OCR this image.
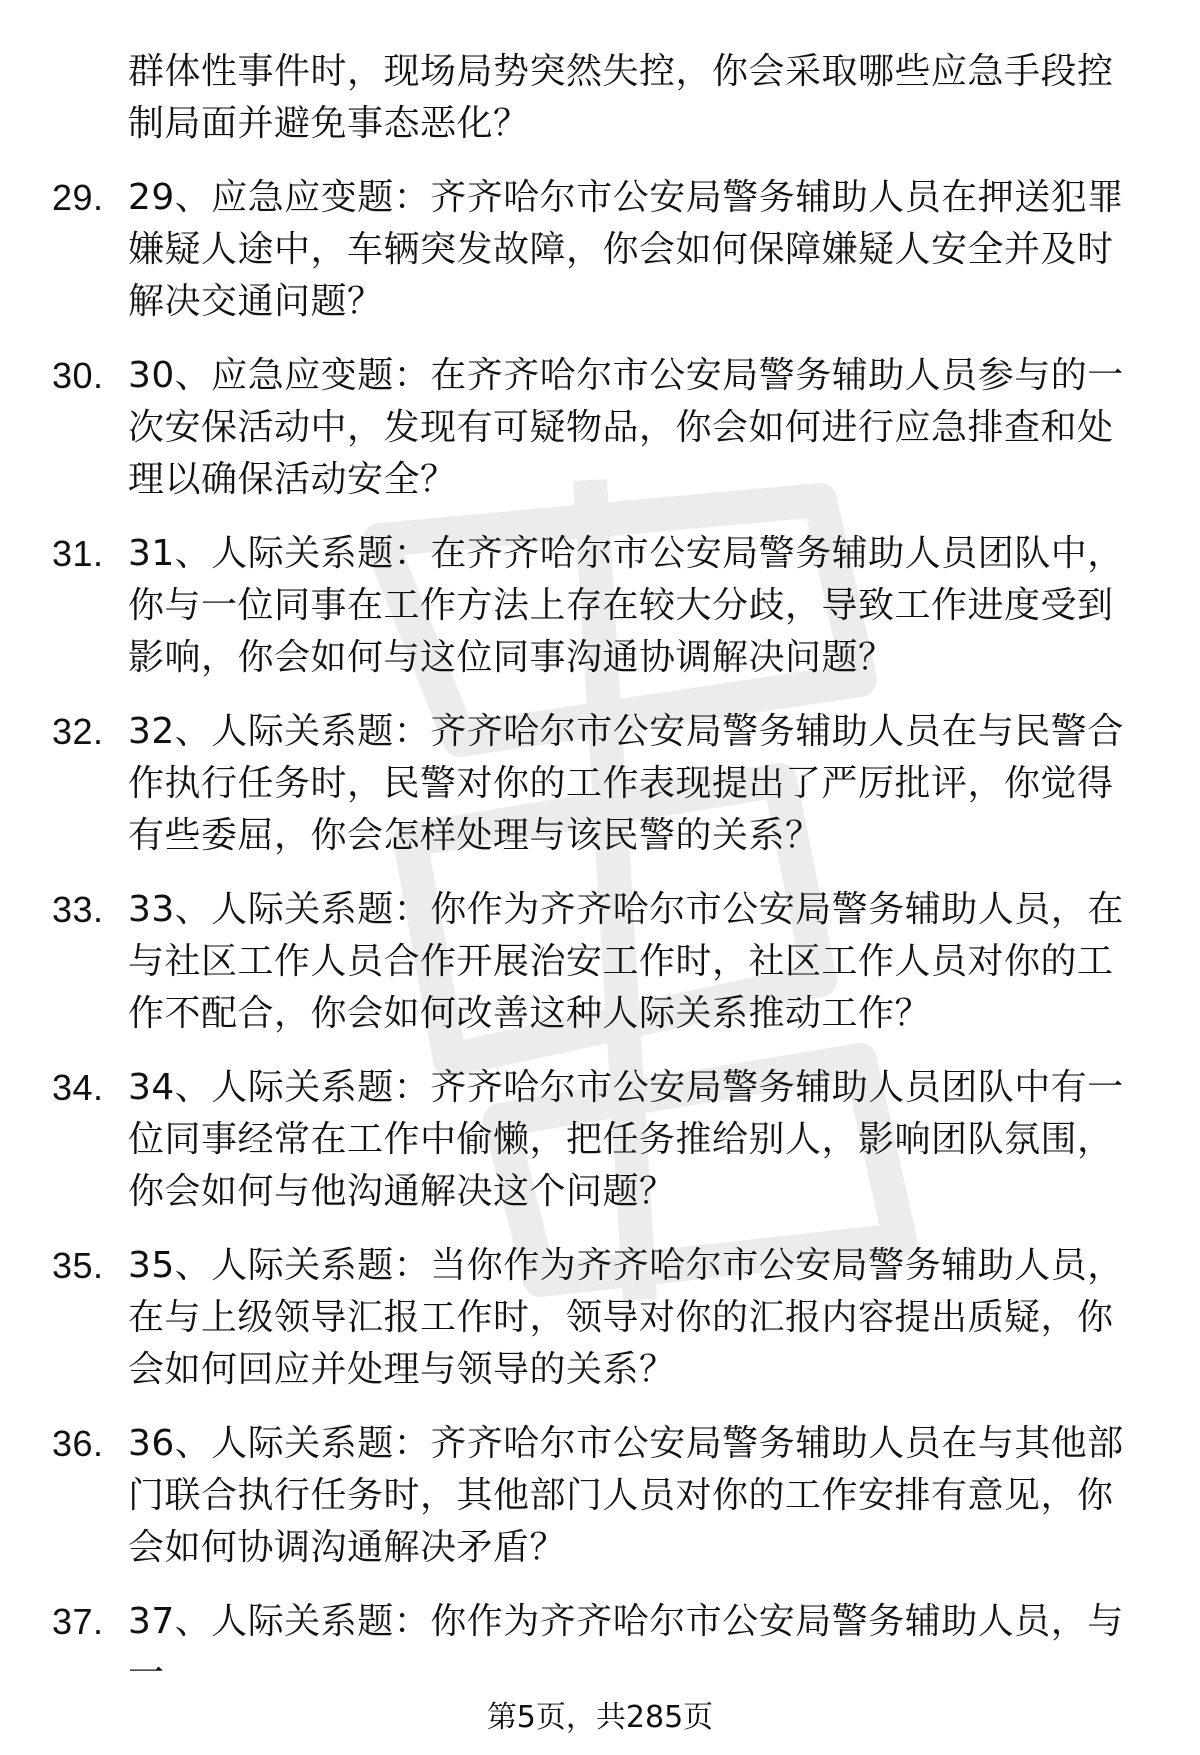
群体性事件时，现场局势突然失控，你会采取哪些应急手段控制局面并避免事态恶化？
29. 29、应急应变题：齐齐哈尔市公安局警务辅助人员在押送犯罪嫌疑人途中，车辆突发故障，你会如何保障嫌疑人安全并及时解决交通问题？
30. 30、应急应变题：在齐齐哈尔市公安局警务辅助人员参与的一次安保活动中，发现有可疑物品，你会如何进行应急排查和处理以确保活动安全？
31. 31、人际关系题：在齐齐哈尔市公安局警务辅助人员团队中，你与一位同事在工作方法上存在较大分歧，导致工作进度受到影响，你会如何与这位同事沟通协调解决问题？
32. 32、人际关系题：齐齐哈尔市公安局警务辅助人员在与民警合作执行任务时，民警对你的工作表现提出了严厉批评，你觉得有些委屈，你会怎样处理与该民警的关系？
33. 33、人际关系题：你作为齐齐哈尔市公安局警务辅助人员，在与社区工作人员合作开展治安工作时，社区工作人员对你的工作不配合，你会如何改善这种人际关系推动工作？
34. 34、人际关系题：齐齐哈尔市公安局警务辅助人员团队中有一位同事经常在工作中偷懒，把任务推给别人，影响团队氛围，你会如何与他沟通解决这个问题？
35. 35、人际关系题：当你作为齐齐哈尔市公安局警务辅助人员，在与上级领导汇报工作时，领导对你的汇报内容提出质疑，你会如何回应并处理与领导的关系？
36. 36、人际关系题：齐齐哈尔市公安局警务辅助人员在与其他部门联合执行任务时，其他部门人员对你的工作安排有意见，你会如何协调沟通解决矛盾？
37. 37、人际关系题：你作为齐齐哈尔市公安局警务辅助人员，与一
第5页，共285页
